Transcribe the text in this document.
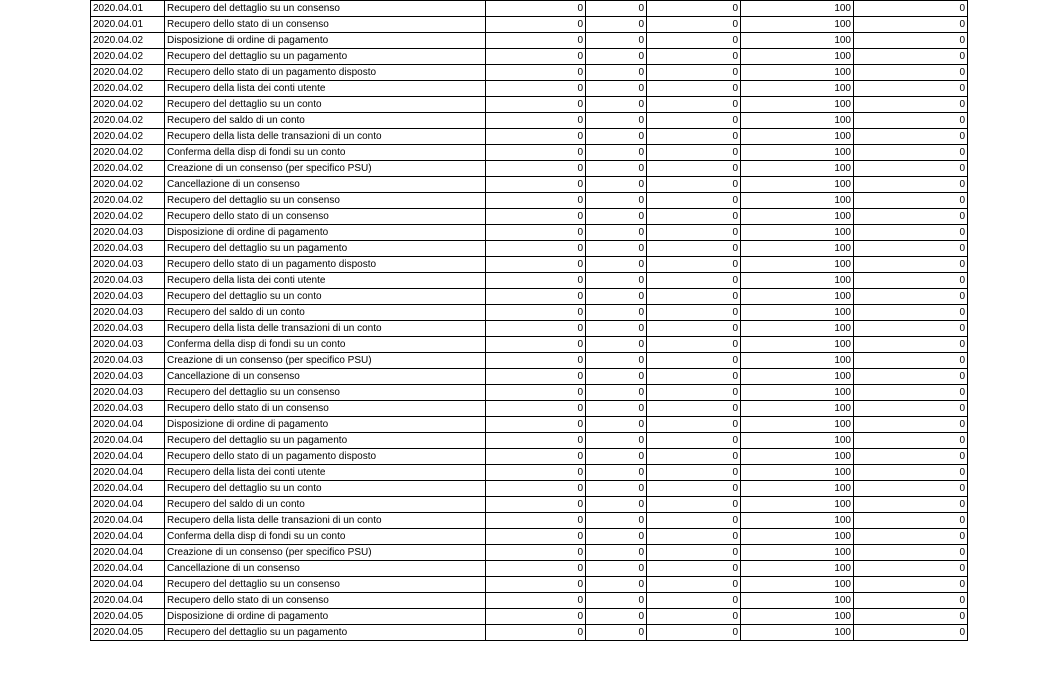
2020.04.01	Recupero del dettaglio su un consenso	0	0	0	100	0
2020.04.01	Recupero dello stato di un consenso	0	0	0	100	0
2020.04.02	Disposizione di ordine di pagamento	0	0	0	100	0
2020.04.02	Recupero del dettaglio su un pagamento	0	0	0	100	0
2020.04.02	Recupero dello stato di un pagamento disposto	0	0	0	100	0
2020.04.02	Recupero della lista dei conti utente	0	0	0	100	0
2020.04.02	Recupero del dettaglio su un conto	0	0	0	100	0
2020.04.02	Recupero del saldo di un conto	0	0	0	100	0
2020.04.02	Recupero della lista delle transazioni di un conto	0	0	0	100	0
2020.04.02	Conferma della disp di fondi su un conto	0	0	0	100	0
2020.04.02	Creazione di un consenso (per specifico PSU)	0	0	0	100	0
2020.04.02	Cancellazione di un consenso	0	0	0	100	0
2020.04.02	Recupero del dettaglio su un consenso	0	0	0	100	0
2020.04.02	Recupero dello stato di un consenso	0	0	0	100	0
2020.04.03	Disposizione di ordine di pagamento	0	0	0	100	0
2020.04.03	Recupero del dettaglio su un pagamento	0	0	0	100	0
2020.04.03	Recupero dello stato di un pagamento disposto	0	0	0	100	0
2020.04.03	Recupero della lista dei conti utente	0	0	0	100	0
2020.04.03	Recupero del dettaglio su un conto	0	0	0	100	0
2020.04.03	Recupero del saldo di un conto	0	0	0	100	0
2020.04.03	Recupero della lista delle transazioni di un conto	0	0	0	100	0
2020.04.03	Conferma della disp di fondi su un conto	0	0	0	100	0
2020.04.03	Creazione di un consenso (per specifico PSU)	0	0	0	100	0
2020.04.03	Cancellazione di un consenso	0	0	0	100	0
2020.04.03	Recupero del dettaglio su un consenso	0	0	0	100	0
2020.04.03	Recupero dello stato di un consenso	0	0	0	100	0
2020.04.04	Disposizione di ordine di pagamento	0	0	0	100	0
2020.04.04	Recupero del dettaglio su un pagamento	0	0	0	100	0
2020.04.04	Recupero dello stato di un pagamento disposto	0	0	0	100	0
2020.04.04	Recupero della lista dei conti utente	0	0	0	100	0
2020.04.04	Recupero del dettaglio su un conto	0	0	0	100	0
2020.04.04	Recupero del saldo di un conto	0	0	0	100	0
2020.04.04	Recupero della lista delle transazioni di un conto	0	0	0	100	0
2020.04.04	Conferma della disp di fondi su un conto	0	0	0	100	0
2020.04.04	Creazione di un consenso (per specifico PSU)	0	0	0	100	0
2020.04.04	Cancellazione di un consenso	0	0	0	100	0
2020.04.04	Recupero del dettaglio su un consenso	0	0	0	100	0
2020.04.04	Recupero dello stato di un consenso	0	0	0	100	0
2020.04.05	Disposizione di ordine di pagamento	0	0	0	100	0
2020.04.05	Recupero del dettaglio su un pagamento	0	0	0	100	0
